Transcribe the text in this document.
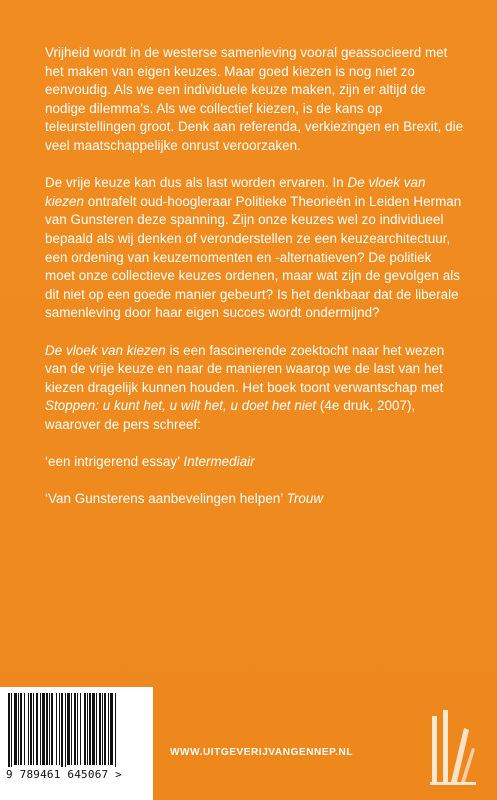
Vrijheid wordt in de westerse samenleving vooral geassocieerd met het maken van eigen keuzes. Maar goed kiezen is nog niet zo eenvoudig. Als we een individuele keuze maken, zijn er altijd de nodige dilemma's. Als we collectief kiezen, is de kans op teleurstellingen groot. Denk aan referenda, verkiezingen en Brexit, die veel maatschappelijke onrust veroorzaken.

De vrije keuze kan dus als last worden ervaren. In De vloek van kiezen ontrafelt oud-hoogleraar Politieke Theorieën in Leiden Herman van Gunsteren deze spanning. Zijn onze keuzes wel zo individueel bepaald als wij denken of veronderstellen ze een keuzearchitectuur, een ordening van keuzemomenten en -alternatieven? De politiek moet onze collectieve keuzes ordenen, maar wat zijn de gevolgen als dit niet op een goede manier gebeurt? Is het denkbaar dat de liberale samenleving door haar eigen succes wordt ondermijnd?

De vloek van kiezen is een fascinerende zoektocht naar het wezen van de vrije keuze en naar de manieren waarop we de last van het kiezen dragelijk kunnen houden. Het boek toont verwantschap met Stoppen: u kunt het, u wilt het, u doet het niet (4e druk, 2007), waarover de pers schreef:

‘een intrigerend essay’ Intermediair

‘Van Gunsterens aanbevelingen helpen’ Trouw

9 789461 645067 >
WWW.UITGEVERIJVANGENNEP.NL
